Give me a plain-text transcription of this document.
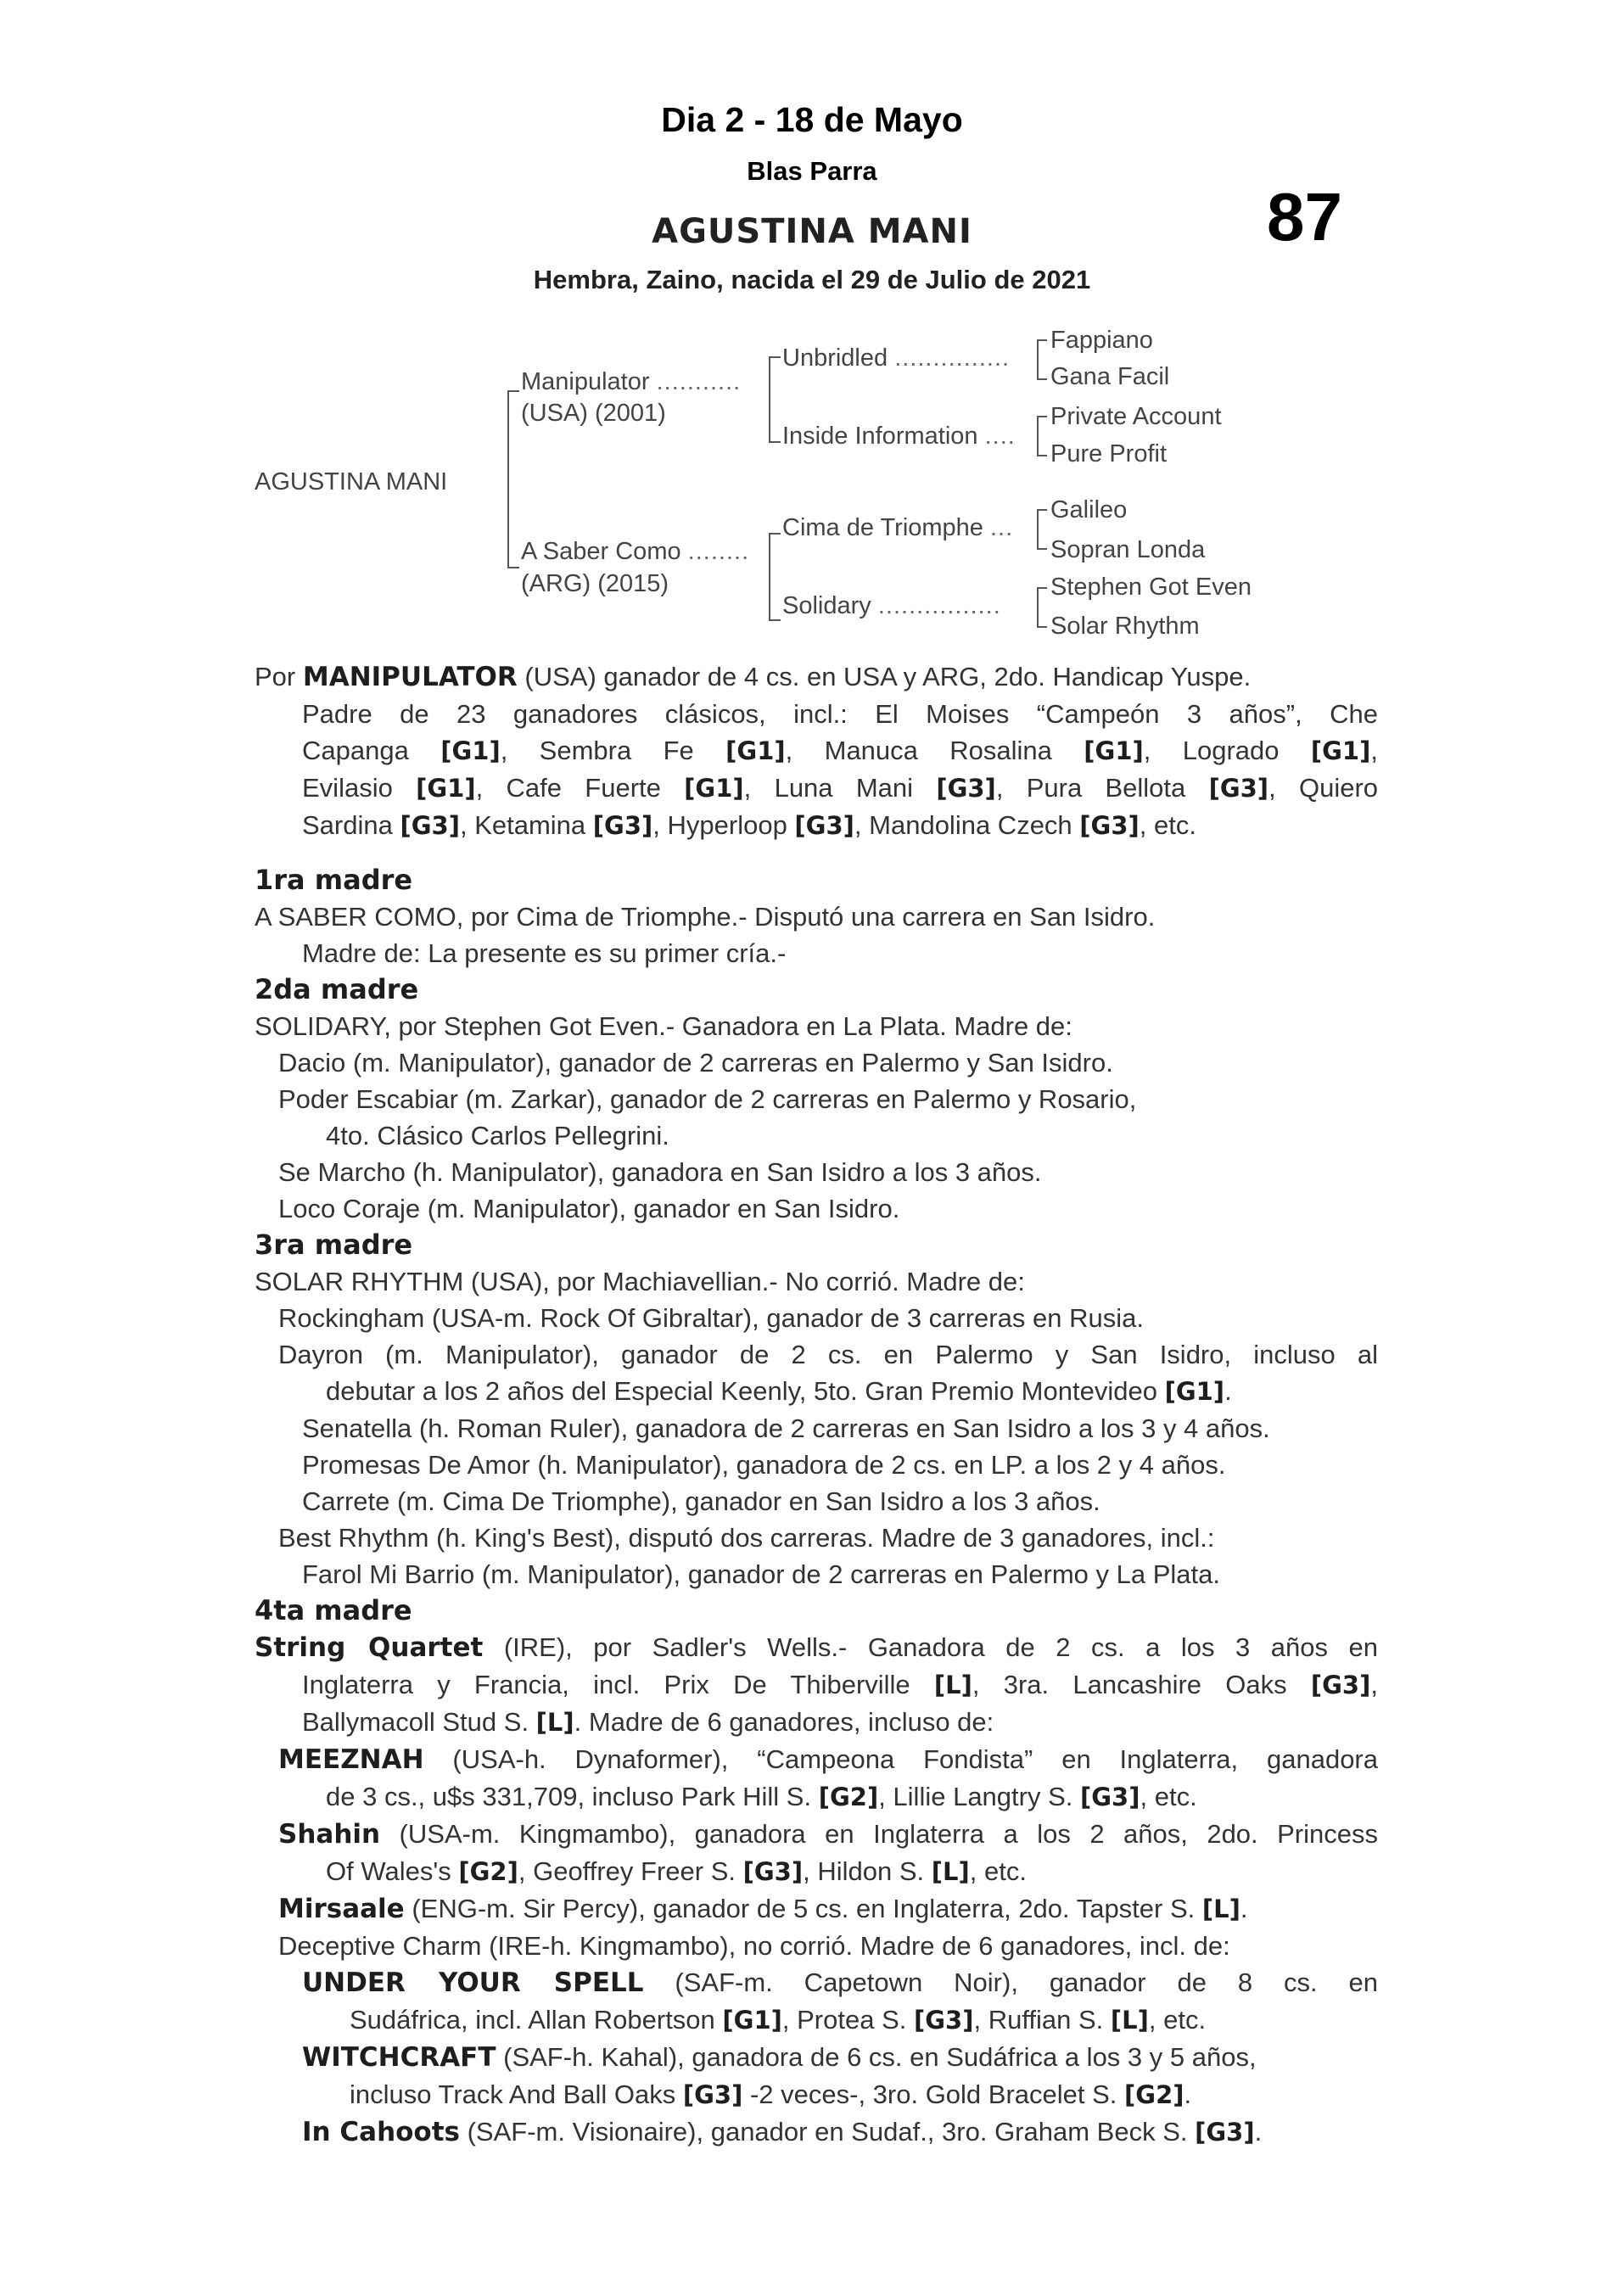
Dia 2 - 18 de Mayo
Blas Parra
87
AGUSTINA MANI
Hembra, Zaino, nacida el 29 de Julio de 2021
AGUSTINA MANI
Manipulator ...........
(USA) (2001)
A Saber Como ........
(ARG) (2015)
Unbridled ...............
Inside Information ....
Cima de Triomphe ...
Solidary ................
Fappiano
Gana Facil
Private Account
Pure Profit
Galileo
Sopran Londa
Stephen Got Even
Solar Rhythm
Por MANIPULATOR (USA) ganador de 4 cs. en USA y ARG, 2do. Handicap Yuspe.
Padre de 23 ganadores clásicos, incl.: El Moises “Campeón 3 años”, Che
Capanga [G1], Sembra Fe [G1], Manuca Rosalina [G1], Logrado [G1],
Evilasio [G1], Cafe Fuerte [G1], Luna Mani [G3], Pura Bellota [G3], Quiero
Sardina [G3], Ketamina [G3], Hyperloop [G3], Mandolina Czech [G3], etc.
1ra madre
A SABER COMO, por Cima de Triomphe.- Disputó una carrera en San Isidro.
Madre de: La presente es su primer cría.-
2da madre
SOLIDARY, por Stephen Got Even.- Ganadora en La Plata. Madre de:
Dacio (m. Manipulator), ganador de 2 carreras en Palermo y San Isidro.
Poder Escabiar (m. Zarkar), ganador de 2 carreras en Palermo y Rosario,
4to. Clásico Carlos Pellegrini.
Se Marcho (h. Manipulator), ganadora en San Isidro a los 3 años.
Loco Coraje (m. Manipulator), ganador en San Isidro.
3ra madre
SOLAR RHYTHM (USA), por Machiavellian.- No corrió. Madre de:
Rockingham (USA-m. Rock Of Gibraltar), ganador de 3 carreras en Rusia.
Dayron (m. Manipulator), ganador de 2 cs. en Palermo y San Isidro, incluso al
debutar a los 2 años del Especial Keenly, 5to. Gran Premio Montevideo [G1].
Senatella (h. Roman Ruler), ganadora de 2 carreras en San Isidro a los 3 y 4 años.
Promesas De Amor (h. Manipulator), ganadora de 2 cs. en LP. a los 2 y 4 años.
Carrete (m. Cima De Triomphe), ganador en San Isidro a los 3 años.
Best Rhythm (h. King's Best), disputó dos carreras. Madre de 3 ganadores, incl.:
Farol Mi Barrio (m. Manipulator), ganador de 2 carreras en Palermo y La Plata.
4ta madre
String Quartet (IRE), por Sadler's Wells.- Ganadora de 2 cs. a los 3 años en
Inglaterra y Francia, incl. Prix De Thiberville [L], 3ra. Lancashire Oaks [G3],
Ballymacoll Stud S. [L]. Madre de 6 ganadores, incluso de:
MEEZNAH (USA-h. Dynaformer), “Campeona Fondista” en Inglaterra, ganadora
de 3 cs., u$s 331,709, incluso Park Hill S. [G2], Lillie Langtry S. [G3], etc.
Shahin (USA-m. Kingmambo), ganadora en Inglaterra a los 2 años, 2do. Princess
Of Wales's [G2], Geoffrey Freer S. [G3], Hildon S. [L], etc.
Mirsaale (ENG-m. Sir Percy), ganador de 5 cs. en Inglaterra, 2do. Tapster S. [L].
Deceptive Charm (IRE-h. Kingmambo), no corrió. Madre de 6 ganadores, incl. de:
UNDER YOUR SPELL (SAF-m. Capetown Noir), ganador de 8 cs. en
Sudáfrica, incl. Allan Robertson [G1], Protea S. [G3], Ruffian S. [L], etc.
WITCHCRAFT (SAF-h. Kahal), ganadora de 6 cs. en Sudáfrica a los 3 y 5 años,
incluso Track And Ball Oaks [G3] -2 veces-, 3ro. Gold Bracelet S. [G2].
In Cahoots (SAF-m. Visionaire), ganador en Sudaf., 3ro. Graham Beck S. [G3].
